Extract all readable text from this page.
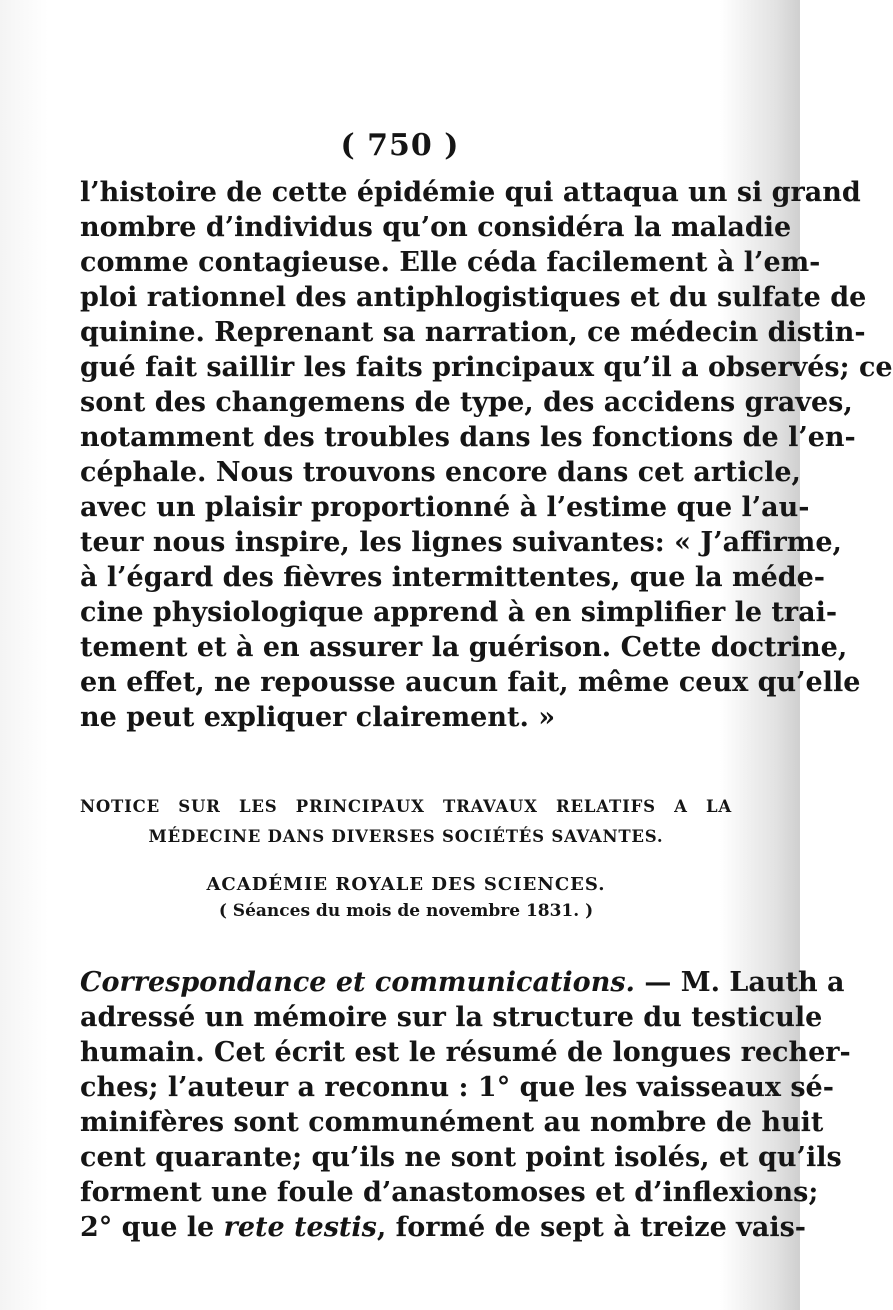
( 750 )
l’histoire de cette épidémie qui attaqua un si grand
nombre d’individus qu’on considéra la maladie
comme contagieuse. Elle céda facilement à l’em-
ploi rationnel des antiphlogistiques et du sulfate de
quinine. Reprenant sa narration, ce médecin distin-
gué fait saillir les faits principaux qu’il a observés; ce
sont des changemens de type, des accidens graves,
notamment des troubles dans les fonctions de l’en-
céphale. Nous trouvons encore dans cet article,
avec un plaisir proportionné à l’estime que l’au-
teur nous inspire, les lignes suivantes: « J’affirme,
à l’égard des fièvres intermittentes, que la méde-
cine physiologique apprend à en simplifier le trai-
tement et à en assurer la guérison. Cette doctrine,
en effet, ne repousse aucun fait, même ceux qu’elle
ne peut expliquer clairement. »
NOTICE SUR LES PRINCIPAUX TRAVAUX RELATIFS A LA
MÉDECINE DANS DIVERSES SOCIÉTÉS SAVANTES.
ACADÉMIE ROYALE DES SCIENCES.
( Séances du mois de novembre 1831. )
Correspondance et communications. — M. Lauth a
adressé un mémoire sur la structure du testicule
humain. Cet écrit est le résumé de longues recher-
ches; l’auteur a reconnu : 1° que les vaisseaux sé-
minifères sont communément au nombre de huit
cent quarante; qu’ils ne sont point isolés, et qu’ils
forment une foule d’anastomoses et d’inflexions;
2° que le rete testis, formé de sept à treize vais-
